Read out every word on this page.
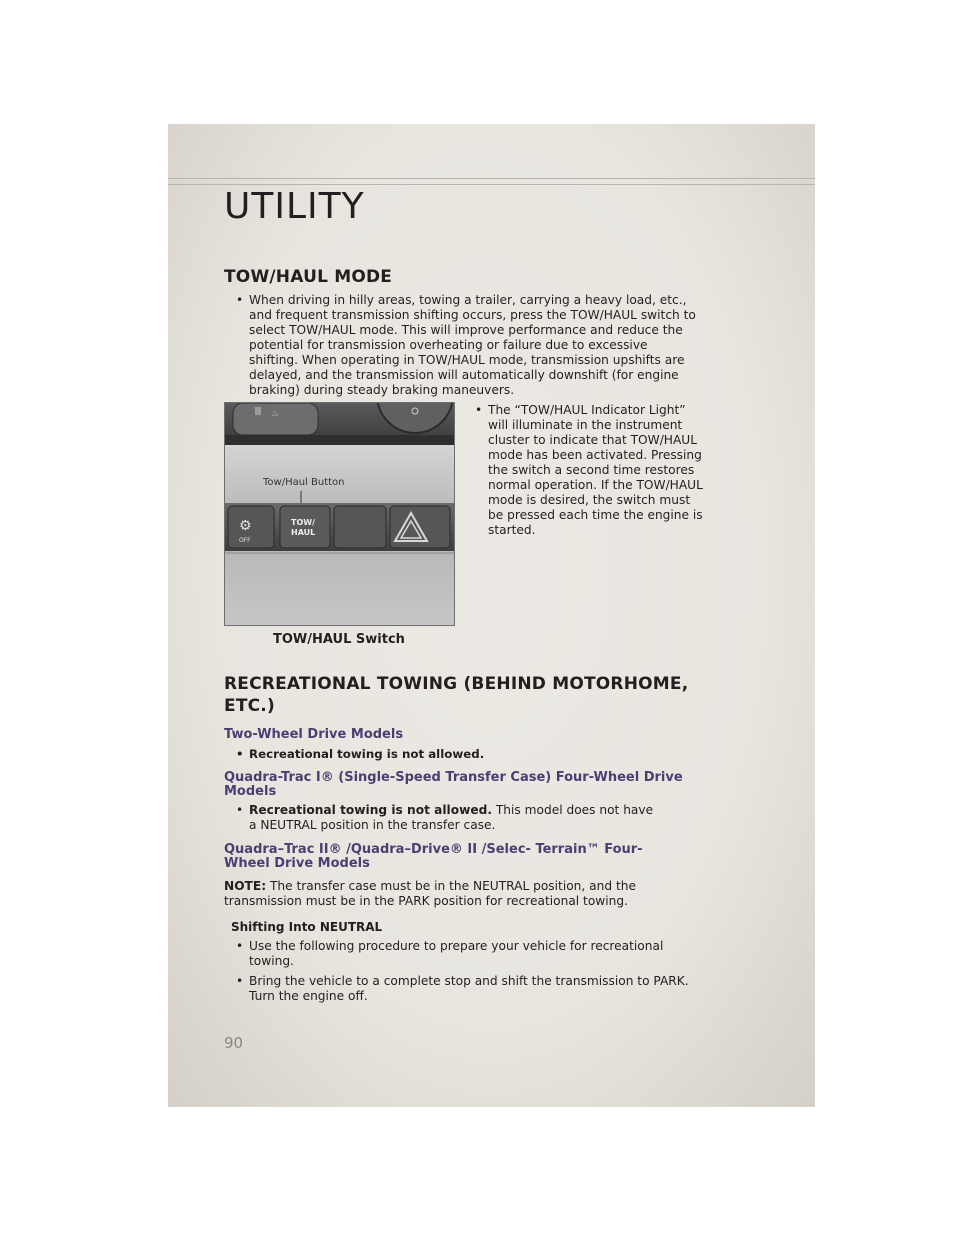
UTILITY
TOW/HAUL MODE

• When driving in hilly areas, towing a trailer, carrying a heavy load, etc., and frequent transmission shifting occurs, press the TOW/HAUL switch to select TOW/HAUL mode. This will improve performance and reduce the potential for transmission overheating or failure due to excessive shifting. When operating in TOW/HAUL mode, transmission upshifts are delayed, and the transmission will automatically downshift (for engine braking) during steady braking maneuvers.

♨
Tow/Haul Button
⚙
OFF
TOW/
HAUL

• The “TOW/HAUL Indicator Light” will illuminate in the instrument cluster to indicate that TOW/HAUL mode has been activated. Pressing the switch a second time restores normal operation. If the TOW/HAUL mode is desired, the switch must be pressed each time the engine is started.

TOW/HAUL Switch
RECREATIONAL TOWING (BEHIND MOTORHOME, ETC.)
Two-Wheel Drive Models

• Recreational towing is not allowed.

Quadra-Trac I® (Single-Speed Transfer Case) Four-Wheel Drive Models

• Recreational towing is not allowed. This model does not have a NEUTRAL position in the transfer case.

Quadra–Trac II® /Quadra–Drive® II /Selec- Terrain™ Four-Wheel Drive Models

NOTE: The transfer case must be in the NEUTRAL position, and the transmission must be in the PARK position for recreational towing.

Shifting Into NEUTRAL

• Use the following procedure to prepare your vehicle for recreational towing.

• Bring the vehicle to a complete stop and shift the transmission to PARK. Turn the engine off.

90
